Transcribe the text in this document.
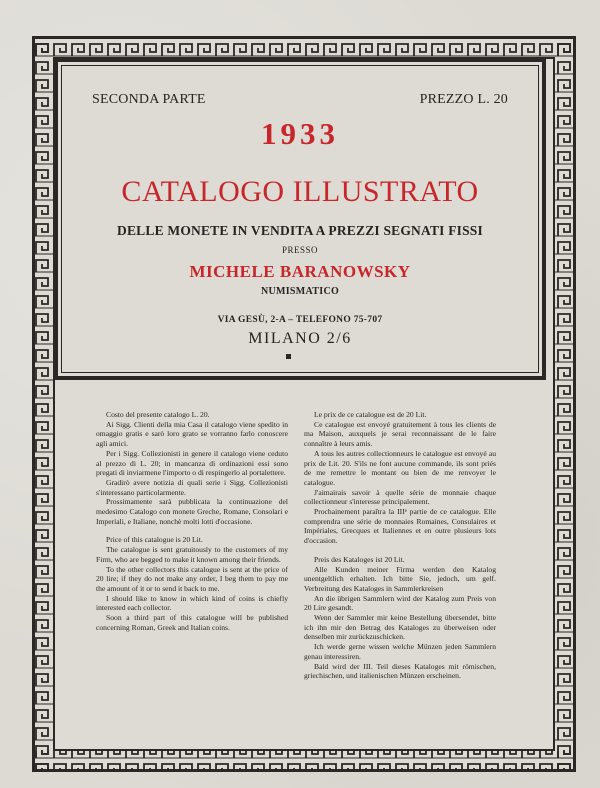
SECONDA PARTE	PREZZO L. 20
1933
CATALOGO ILLUSTRATO
DELLE MONETE IN VENDITA A PREZZI SEGNATI FISSI
PRESSO
MICHELE BARANOWSKY
NUMISMATICO
VIA GESÙ, 2-A – TELEFONO 75-707
MILANO 2/6

Costo del presente catalogo L. 20.

Ai Sigg. Clienti della mia Casa il catalogo viene spedito in omaggio gratis e sarò loro grato se vorranno farlo conoscere agli amici.

Per i Sigg. Collezionisti in genere il catalogo viene ceduto al prezzo di L. 20; in mancanza di ordinazioni essi sono pregati di inviarmene l'importo o di respingerlo al portalettere.

Gradirò avere notizia di quali serie i Sigg. Collezionisti s'interessano particolarmente.

Prossimamente sarà pubblicata la continuazione del medesimo Catalogo con monete Greche, Romane, Consolari e Imperiali, e Italiane, nonchè molti lotti d'occasione.

Price of this catalogue is 20 Lit.

The catalogue is sent gratuitously to the customers of my Firm, who are begged to make it known among their friends.

To the other collectors this catalogue is sent at the price of 20 lire; if they do not make any order, I beg them to pay me the amount of it or to send it back to me.

I should like to know in which kind of coins is chiefly interested each collector.

Soon a third part of this catalogue will be published concerning Roman, Greek and Italian coins.

Le prix de ce catalogue est de 20 Lit.

Ce catalogue est envoyé gratuitement à tous les clients de ma Maison, auxquels je serai reconnaissant de le faire connaître à leurs amis.

A tous les autres collectionneurs le catalogue est envoyé au prix de Lit. 20. S'ils ne font aucune commande, ils sont priés de me remettre le montant ou bien de me renvoyer le catalogue.

J'aimairais savoir à quelle série de monnaie chaque collectionneur s'interesse principalement.

Prochainement paraîtra la IIIᵉ partie de ce catalogue. Elle comprendra une série de monnaies Romaines, Consulaires et Impériales, Grecques et Italiennes et en outre plusieurs lots d'occasion.

Preis des Kataloges ist 20 Lit.

Alle Kunden meiner Firma werden den Katalog unentgeltlich erhalten. Ich bitte Sie, jedoch, um gelf. Verbreitung des Kataloges in Sammlerkreisen

An die übrigen Sammlern wird der Katalog zum Preis von 20 Lire gesandt.

Wenn der Sammler mir keine Bestellung übersendet, bitte ich ihn mir den Betrag des Kataloges zu überweisen oder denselben mir zurückzuschicken.

Ich werde gerne wissen welche Münzen jeden Sammlern genau interessiren.

Bald wird der III. Teil dieses Kataloges mit römischen, griechischen, und italienischen Münzen erscheinen.
